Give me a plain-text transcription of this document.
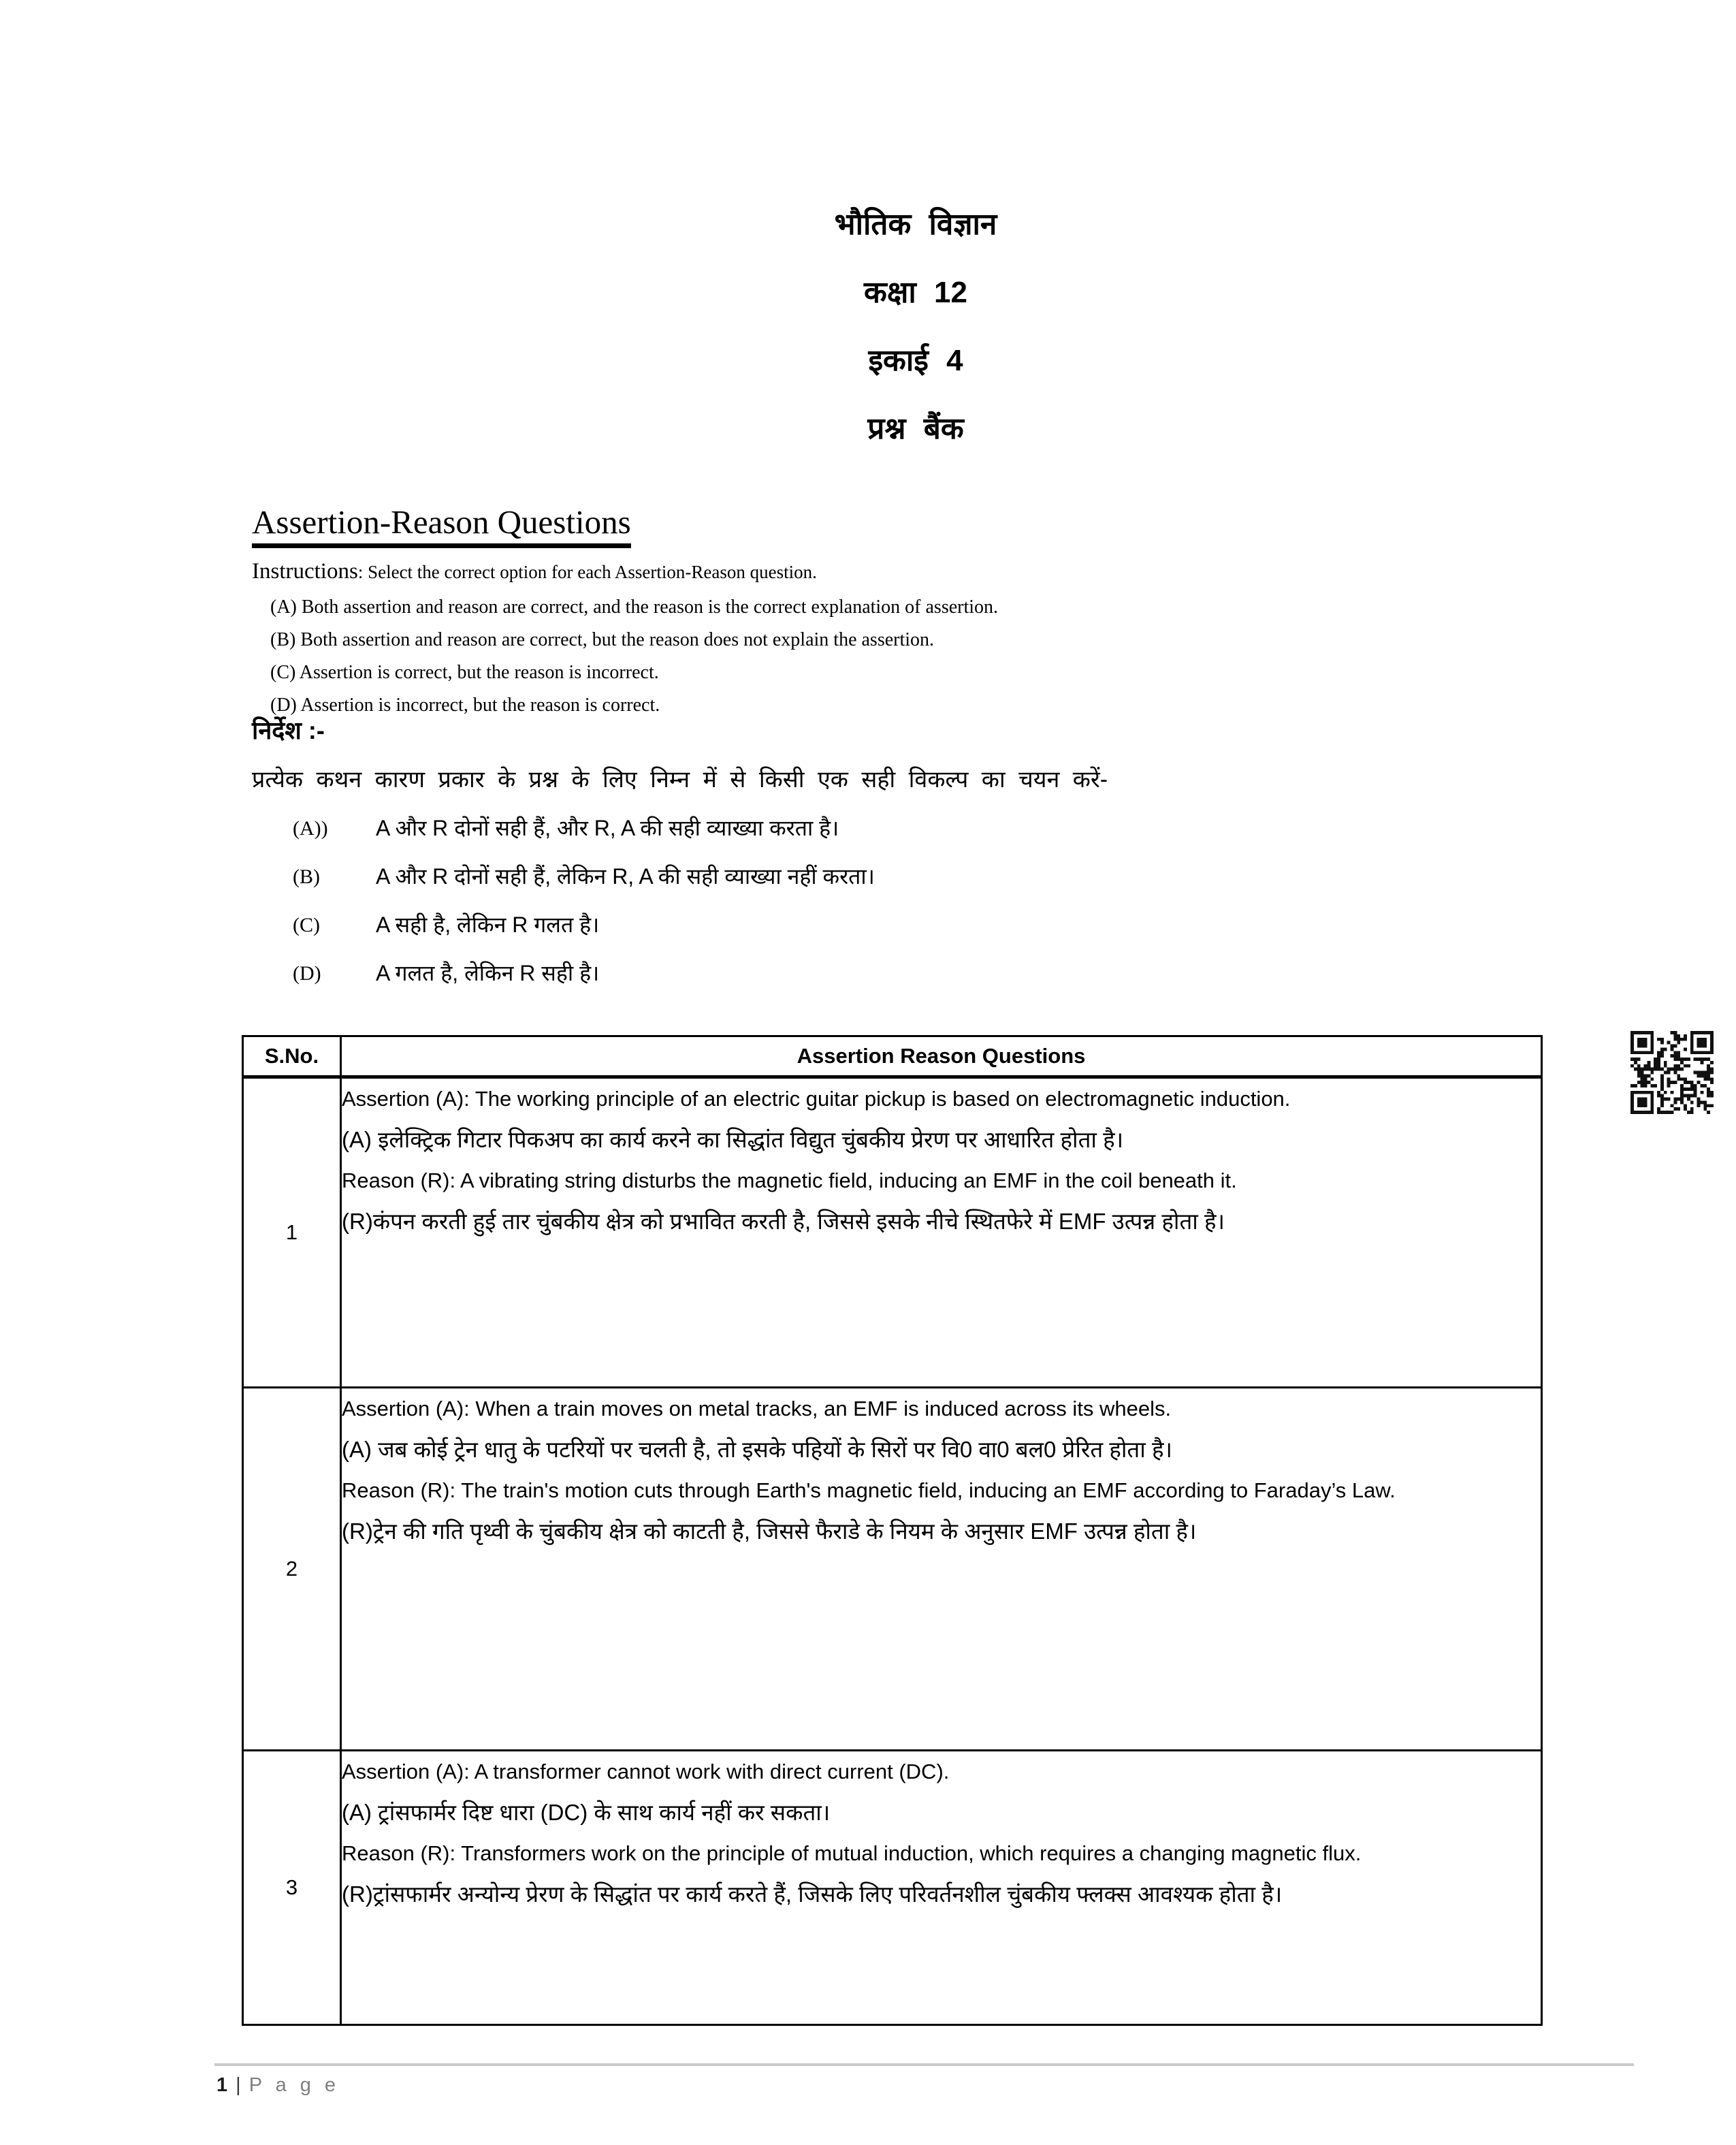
भौतिक विज्ञान
कक्षा 12
इकाई 4
प्रश्न बैंक
Assertion-Reason Questions
Instructions: Select the correct option for each Assertion-Reason question.
(A) Both assertion and reason are correct, and the reason is the correct explanation of assertion.
(B) Both assertion and reason are correct, but the reason does not explain the assertion.
(C) Assertion is correct, but the reason is incorrect.
(D) Assertion is incorrect, but the reason is correct.
निर्देश :-
प्रत्येक कथन कारण प्रकार के प्रश्न के लिए निम्न में से किसी एक सही विकल्प का चयन करें-
(A))	A और R दोनों सही हैं, और R, A की सही व्याख्या करता है।
(B)	A और R दोनों सही हैं, लेकिन R, A की सही व्याख्या नहीं करता।
(C)	A सही है, लेकिन R गलत है।
(D)	A गलत है, लेकिन R सही है।
S.No.	Assertion Reason Questions
1	Assertion (A): The working principle of an electric guitar pickup is based on electromagnetic induction.

(A) इलेक्ट्रिक गिटार पिकअप का कार्य करने का सिद्धांत विद्युत चुंबकीय प्रेरण पर आधारित होता है।

Reason (R): A vibrating string disturbs the magnetic field, inducing an EMF in the coil beneath it.

(R)कंपन करती हुई तार चुंबकीय क्षेत्र को प्रभावित करती है, जिससे इसके नीचे स्थितफेरे में EMF उत्पन्न होता है।

2	Assertion (A): When a train moves on metal tracks, an EMF is induced across its wheels.

(A) जब कोई ट्रेन धातु के पटरियों पर चलती है, तो इसके पहियों के सिरों पर वि0 वा0 बल0 प्रेरित होता है।

Reason (R): The train's motion cuts through Earth's magnetic field, inducing an EMF according to Faraday’s Law.

(R)ट्रेन की गति पृथ्वी के चुंबकीय क्षेत्र को काटती है, जिससे फैराडे के नियम के अनुसार EMF उत्पन्न होता है।

3	Assertion (A): A transformer cannot work with direct current (DC).

(A) ट्रांसफार्मर दिष्ट धारा (DC) के साथ कार्य नहीं कर सकता।

Reason (R): Transformers work on the principle of mutual induction, which requires a changing magnetic flux.

(R)ट्रांसफार्मर अन्योन्य प्रेरण के सिद्धांत पर कार्य करते हैं, जिसके लिए परिवर्तनशील चुंबकीय फ्लक्स आवश्यक होता है।

1 | P a g e
